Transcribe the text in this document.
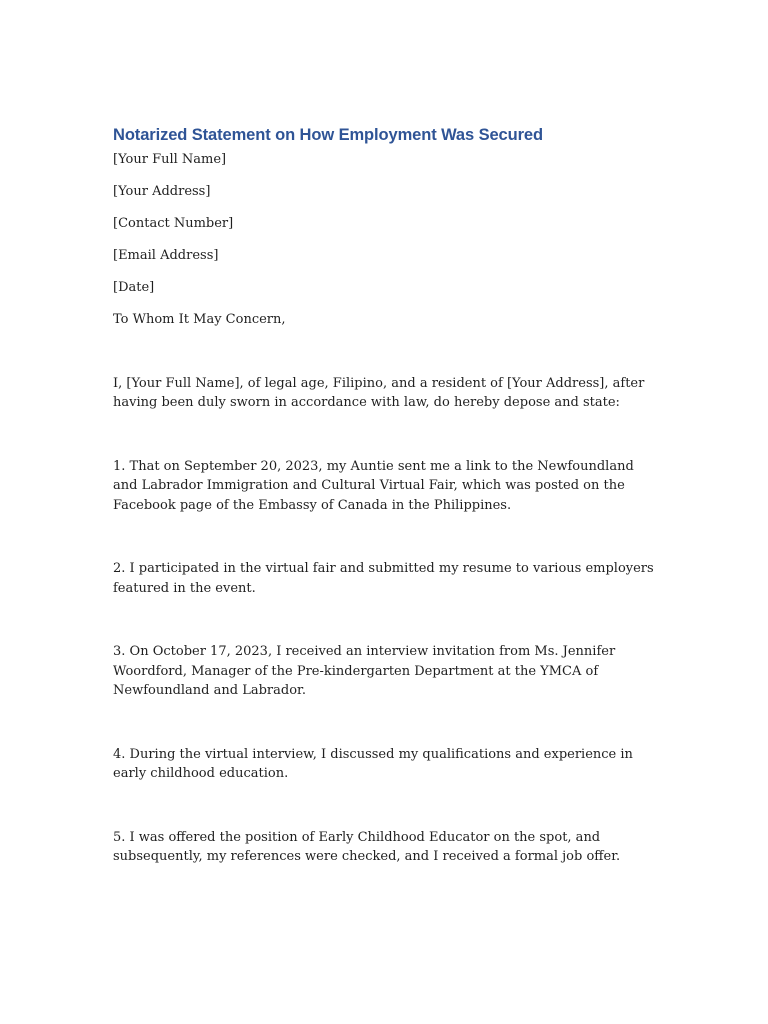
Notarized Statement on How Employment Was Secured

[Your Full Name]

[Your Address]

[Contact Number]

[Email Address]

[Date]

To Whom It May Concern,

I, [Your Full Name], of legal age, Filipino, and a resident of [Your Address], after having been duly sworn in accordance with law, do hereby depose and state:

1. That on September 20, 2023, my Auntie sent me a link to the Newfoundland and Labrador Immigration and Cultural Virtual Fair, which was posted on the Facebook page of the Embassy of Canada in the Philippines.

2. I participated in the virtual fair and submitted my resume to various employers featured in the event.

3. On October 17, 2023, I received an interview invitation from Ms. Jennifer Woordford, Manager of the Pre-kindergarten Department at the YMCA of Newfoundland and Labrador.

4. During the virtual interview, I discussed my qualifications and experience in early childhood education.

5. I was offered the position of Early Childhood Educator on the spot, and subsequently, my references were checked, and I received a formal job offer.
